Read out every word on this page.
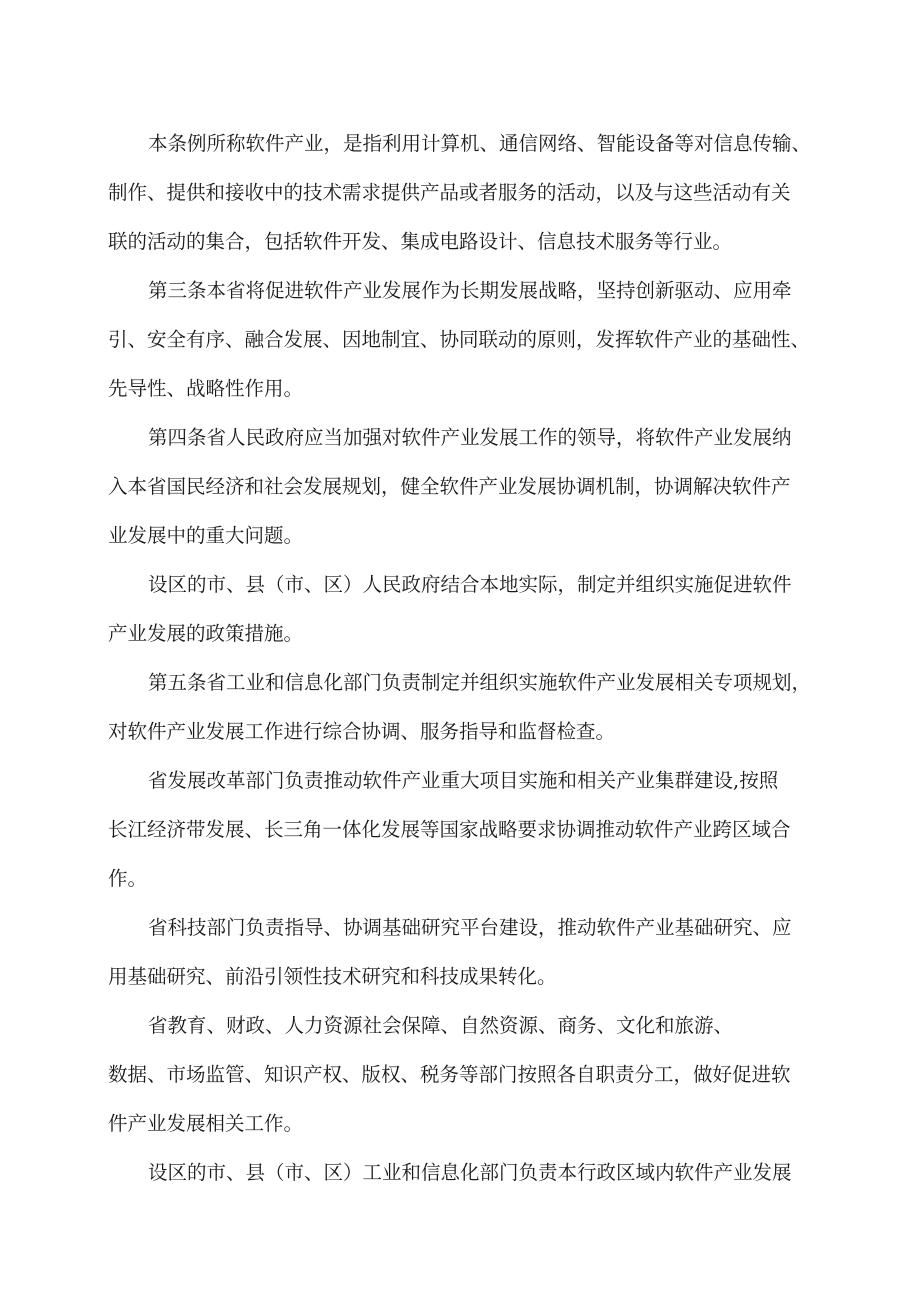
本条例所称软件产业，是指利用计算机、通信网络、智能设备等对信息传输、
制作、提供和接收中的技术需求提供产品或者服务的活动，以及与这些活动有关
联的活动的集合，包括软件开发、集成电路设计、信息技术服务等行业。
第三条本省将促进软件产业发展作为长期发展战略，坚持创新驱动、应用牵
引、安全有序、融合发展、因地制宜、协同联动的原则，发挥软件产业的基础性、
先导性、战略性作用。
第四条省人民政府应当加强对软件产业发展工作的领导，将软件产业发展纳
入本省国民经济和社会发展规划，健全软件产业发展协调机制，协调解决软件产
业发展中的重大问题。
设区的市、县（市、区）人民政府结合本地实际，制定并组织实施促进软件
产业发展的政策措施。
第五条省工业和信息化部门负责制定并组织实施软件产业发展相关专项规划，
对软件产业发展工作进行综合协调、服务指导和监督检查。
省发展改革部门负责推动软件产业重大项目实施和相关产业集群建设,按照
长江经济带发展、长三角一体化发展等国家战略要求协调推动软件产业跨区域合
作。
省科技部门负责指导、协调基础研究平台建设，推动软件产业基础研究、应
用基础研究、前沿引领性技术研究和科技成果转化。
省教育、财政、人力资源社会保障、自然资源、商务、文化和旅游、
数据、市场监管、知识产权、版权、税务等部门按照各自职责分工，做好促进软
件产业发展相关工作。
设区的市、县（市、区）工业和信息化部门负责本行政区域内软件产业发展
